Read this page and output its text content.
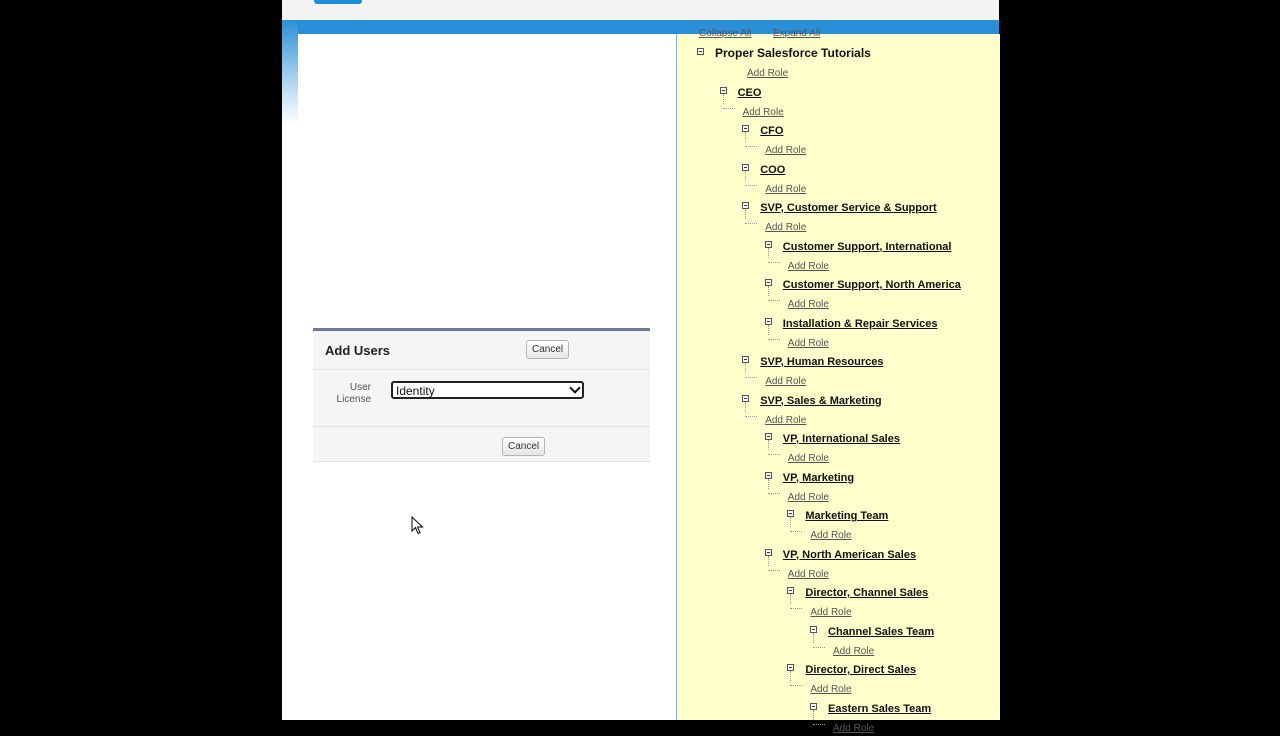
Collapse All Expand All
Proper Salesforce Tutorials
Add Role
CEO
Add Role
CFO
Add Role
COO
Add Role
SVP, Customer Service & Support
Add Role
Customer Support, International
Add Role
Customer Support, North America
Add Role
Installation & Repair Services
Add Role
SVP, Human Resources
Add Role
SVP, Sales & Marketing
Add Role
VP, International Sales
Add Role
VP, Marketing
Add Role
Marketing Team
Add Role
VP, North American Sales
Add Role
Director, Channel Sales
Add Role
Channel Sales Team
Add Role
Director, Direct Sales
Add Role
Eastern Sales Team
Add Role
Add Users	Cancel
User License
Identity
Cancel
